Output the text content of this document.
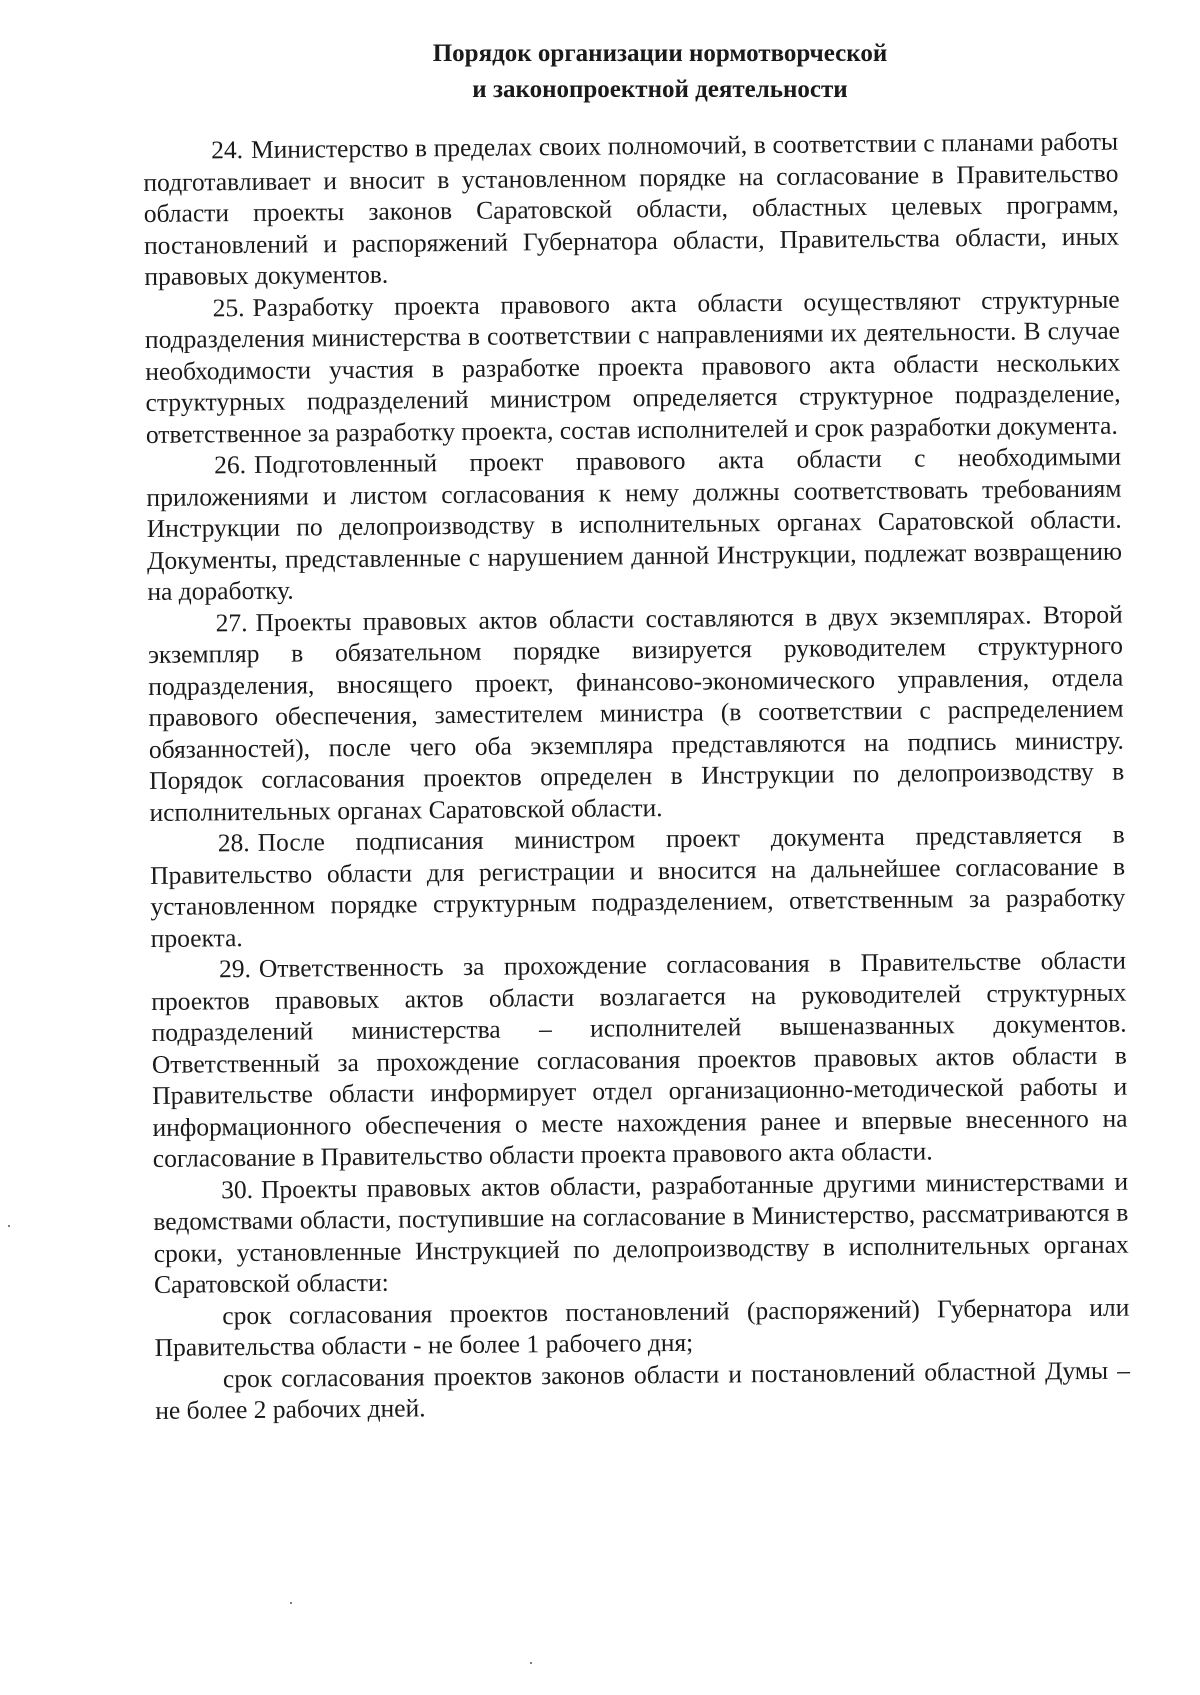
Порядок организации нормотворческой
и законопроектной деятельности

24. Министерство в пределах своих полномочий, в соответствии с планами работы подготавливает и вносит в установленном порядке на согласование в Правительство области проекты законов Саратовской области, областных целевых программ, постановлений и распоряжений Губернатора области, Правительства области, иных правовых документов.

25. Разработку проекта правового акта области осуществляют структурные подразделения министерства в соответствии с направлениями их деятельности. В случае необходимости участия в разработке проекта правового акта области нескольких структурных подразделений министром определяется структурное подразделение, ответственное за разработку проекта, состав исполнителей и срок разработки документа.

26. Подготовленный проект правового акта области с необходимыми приложениями и листом согласования к нему должны соответствовать требованиям Инструкции по делопроизводству в исполнительных органах Саратовской области. Документы, представленные с нарушением данной Инструкции, подлежат возвращению на доработку.

27. Проекты правовых актов области составляются в двух экземплярах. Второй экземпляр в обязательном порядке визируется руководителем структурного подразделения, вносящего проект, финансово-экономического управления, отдела правового обеспечения, заместителем министра (в соответствии с распределением обязанностей), после чего оба экземпляра представляются на подпись министру. Порядок согласования проектов определен в Инструкции по делопроизводству в исполнительных органах Саратовской области.

28. После подписания министром проект документа представляется в Правительство области для регистрации и вносится на дальнейшее согласование в установленном порядке структурным подразделением, ответственным за разработку проекта.

29. Ответственность за прохождение согласования в Правительстве области проектов правовых актов области возлагается на руководителей структурных подразделений министерства – исполнителей вышеназванных документов. Ответственный за прохождение согласования проектов правовых актов области в Правительстве области информирует отдел организационно-методической работы и информационного обеспечения о месте нахождения ранее и впервые внесенного на согласование в Правительство области проекта правового акта области.

30. Проекты правовых актов области, разработанные другими министерствами и ведомствами области, поступившие на согласование в Министерство, рассматриваются в сроки, установленные Инструкцией по делопроизводству в исполнительных органах Саратовской области:

срок согласования проектов постановлений (распоряжений) Губернатора или Правительства области - не более 1 рабочего дня;

срок согласования проектов законов области и постановлений областной Думы – не более 2 рабочих дней.
